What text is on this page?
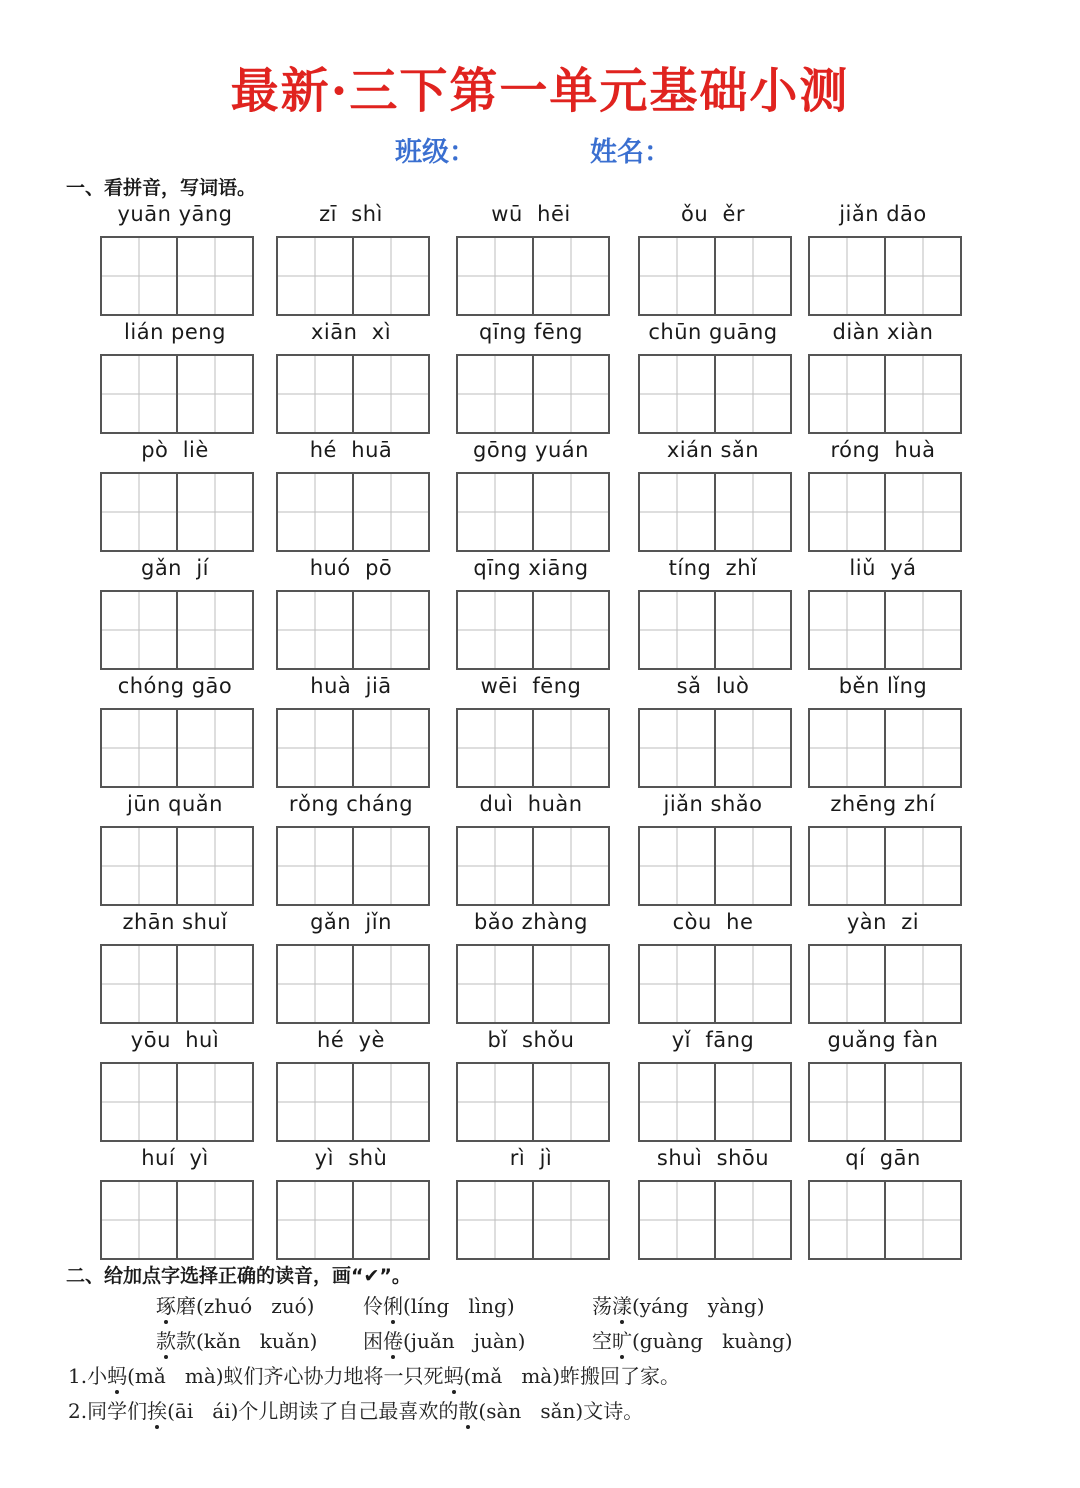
最新·三下第一单元基础小测
班级：	姓名：
一、看拼音，写词语。
yuān yāng	zī  shì	wū  hēi	ǒu  ěr	jiǎn dāo
lián peng	xiān  xì	qīng fēng	chūn guāng	diàn xiàn
pò  liè	hé  huā	gōng yuán	xián sǎn	róng  huà
gǎn  jí	huó  pō	qīng xiāng	tíng  zhǐ	liǔ  yá
chóng gāo	huà  jiā	wēi  fēng	sǎ  luò	běn lǐng
jūn quǎn	rǒng cháng	duì  huàn	jiǎn shǎo	zhēng zhí
zhān shuǐ	gǎn  jǐn	bǎo zhàng	còu  he	yàn  zi
yōu  huì	hé  yè	bǐ  shǒu	yǐ  fāng	guǎng fàn
huí  yì	yì  shù	rì  jì	shuì  shōu	qí  gān
二、给加点字选择正确的读音，画“✔”。
琢磨(zhuó   zuó) 伶俐(líng   lìng)	荡漾(yáng   yàng)
款款(kǎn   kuǎn) 困倦(juǎn   juàn)	空旷(guàng   kuàng)
1.小蚂(mǎ   mà)蚁们齐心协力地将一只死蚂(mǎ   mà)蚱搬回了家。
2.同学们挨(āi   ái)个儿朗读了自己最喜欢的散(sàn   sǎn)文诗。
